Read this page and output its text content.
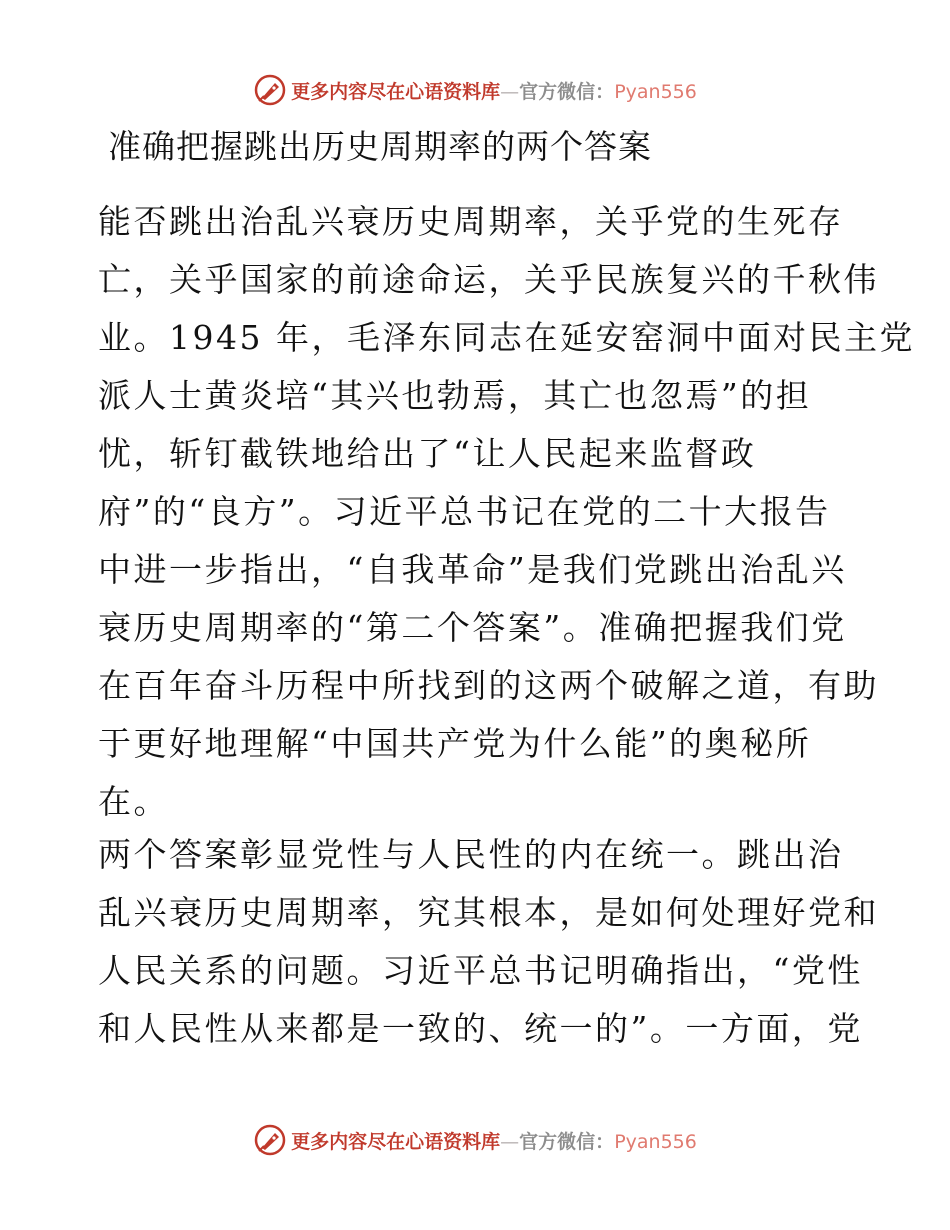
更多内容尽在心语资料库—官方微信：Pyan556
准确把握跳出历史周期率的两个答案

能否跳出治乱兴衰历史周期率，关乎党的生死存
亡，关乎国家的前途命运，关乎民族复兴的千秋伟
业。1945 年，毛泽东同志在延安窑洞中面对民主党
派人士黄炎培“其兴也勃焉，其亡也忽焉”的担
忧，斩钉截铁地给出了“让人民起来监督政
府”的“良方”。习近平总书记在党的二十大报告
中进一步指出，“自我革命”是我们党跳出治乱兴
衰历史周期率的“第二个答案”。准确把握我们党
在百年奋斗历程中所找到的这两个破解之道，有助
于更好地理解“中国共产党为什么能”的奥秘所
在。

两个答案彰显党性与人民性的内在统一。跳出治
乱兴衰历史周期率，究其根本，是如何处理好党和
人民关系的问题。习近平总书记明确指出，“党性
和人民性从来都是一致的、统一的”。一方面，党

更多内容尽在心语资料库—官方微信：Pyan556
